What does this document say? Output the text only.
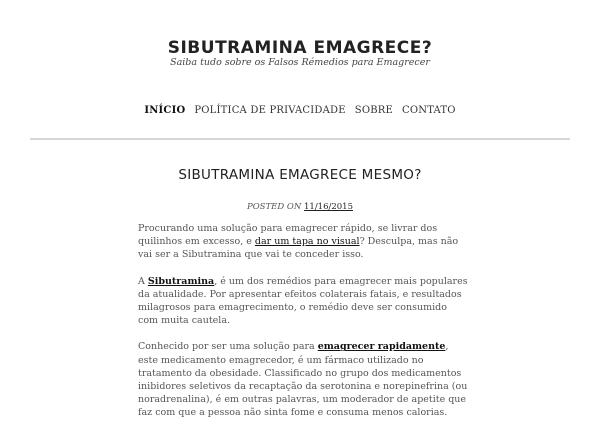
SIBUTRAMINA EMAGRECE?

Saiba tudo sobre os Falsos Rémedios para Emagrecer

INÍCIO POLÍTICA DE PRIVACIDADE SOBRE CONTATO
SIBUTRAMINA EMAGRECE MESMO?
POSTED ON 11/16/2015

Procurando uma solução para emagrecer rápido, se livrar dos quilinhos em excesso, e dar um tapa no visual? Desculpa, mas não vai ser a Sibutramina que vai te conceder isso.

A Sibutramina, é um dos remédios para emagrecer mais populares da atualidade. Por apresentar efeitos colaterais fatais, e resultados milagrosos para emagrecimento, o remédio deve ser consumido com muita cautela.

Conhecido por ser uma solução para emagrecer rapidamente, este medicamento emagrecedor, é um fármaco utilizado no tratamento da obesidade. Classificado no grupo dos medicamentos inibidores seletivos da recaptação da serotonina e norepinefrina (ou noradrenalina), é em outras palavras, um moderador de apetite que faz com que a pessoa não sinta fome e consuma menos calorias.
